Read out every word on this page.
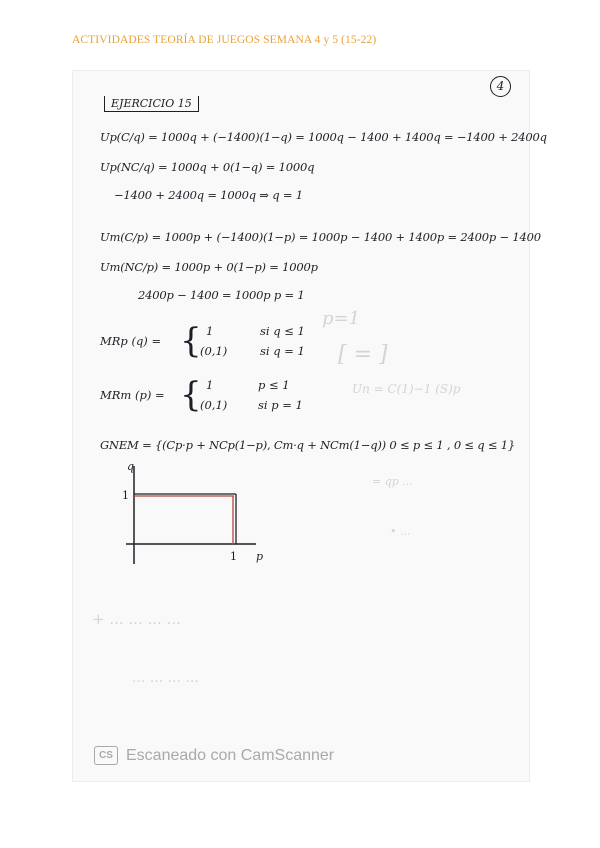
ACTIVIDADES TEORÍA DE JUEGOS SEMANA 4 y 5 (15-22)
p=1
[ = ]
Un = C(1)−1 (S)p
= qp ...
• ...
+ ... ... ... ...
... ... ... ...
4
EJERCICIO 15
Up(C/q) = 1000q + (−1400)(1−q) = 1000q − 1400 + 1400q = −1400 + 2400q
Up(NC/q) = 1000q + 0(1−q) = 1000q
−1400 + 2400q = 1000q ⇒ q = 1
Um(C/p) = 1000p + (−1400)(1−p) = 1000p − 1400 + 1400p = 2400p − 1400
Um(NC/p) = 1000p + 0(1−p) = 1000p
2400p − 1400 = 1000p p = 1
MRp (q) = { 1	si q ≤ 1
(0,1)	si q = 1
MRm (p) = { 1	p ≤ 1
(0,1)	si p = 1
GNEM = {(Cp·p + NCp(1−p), Cm·q + NCm(1−q)) 0 ≤ p ≤ 1 , 0 ≤ q ≤ 1}
q
p
1
1
CS Escaneado con CamScanner
